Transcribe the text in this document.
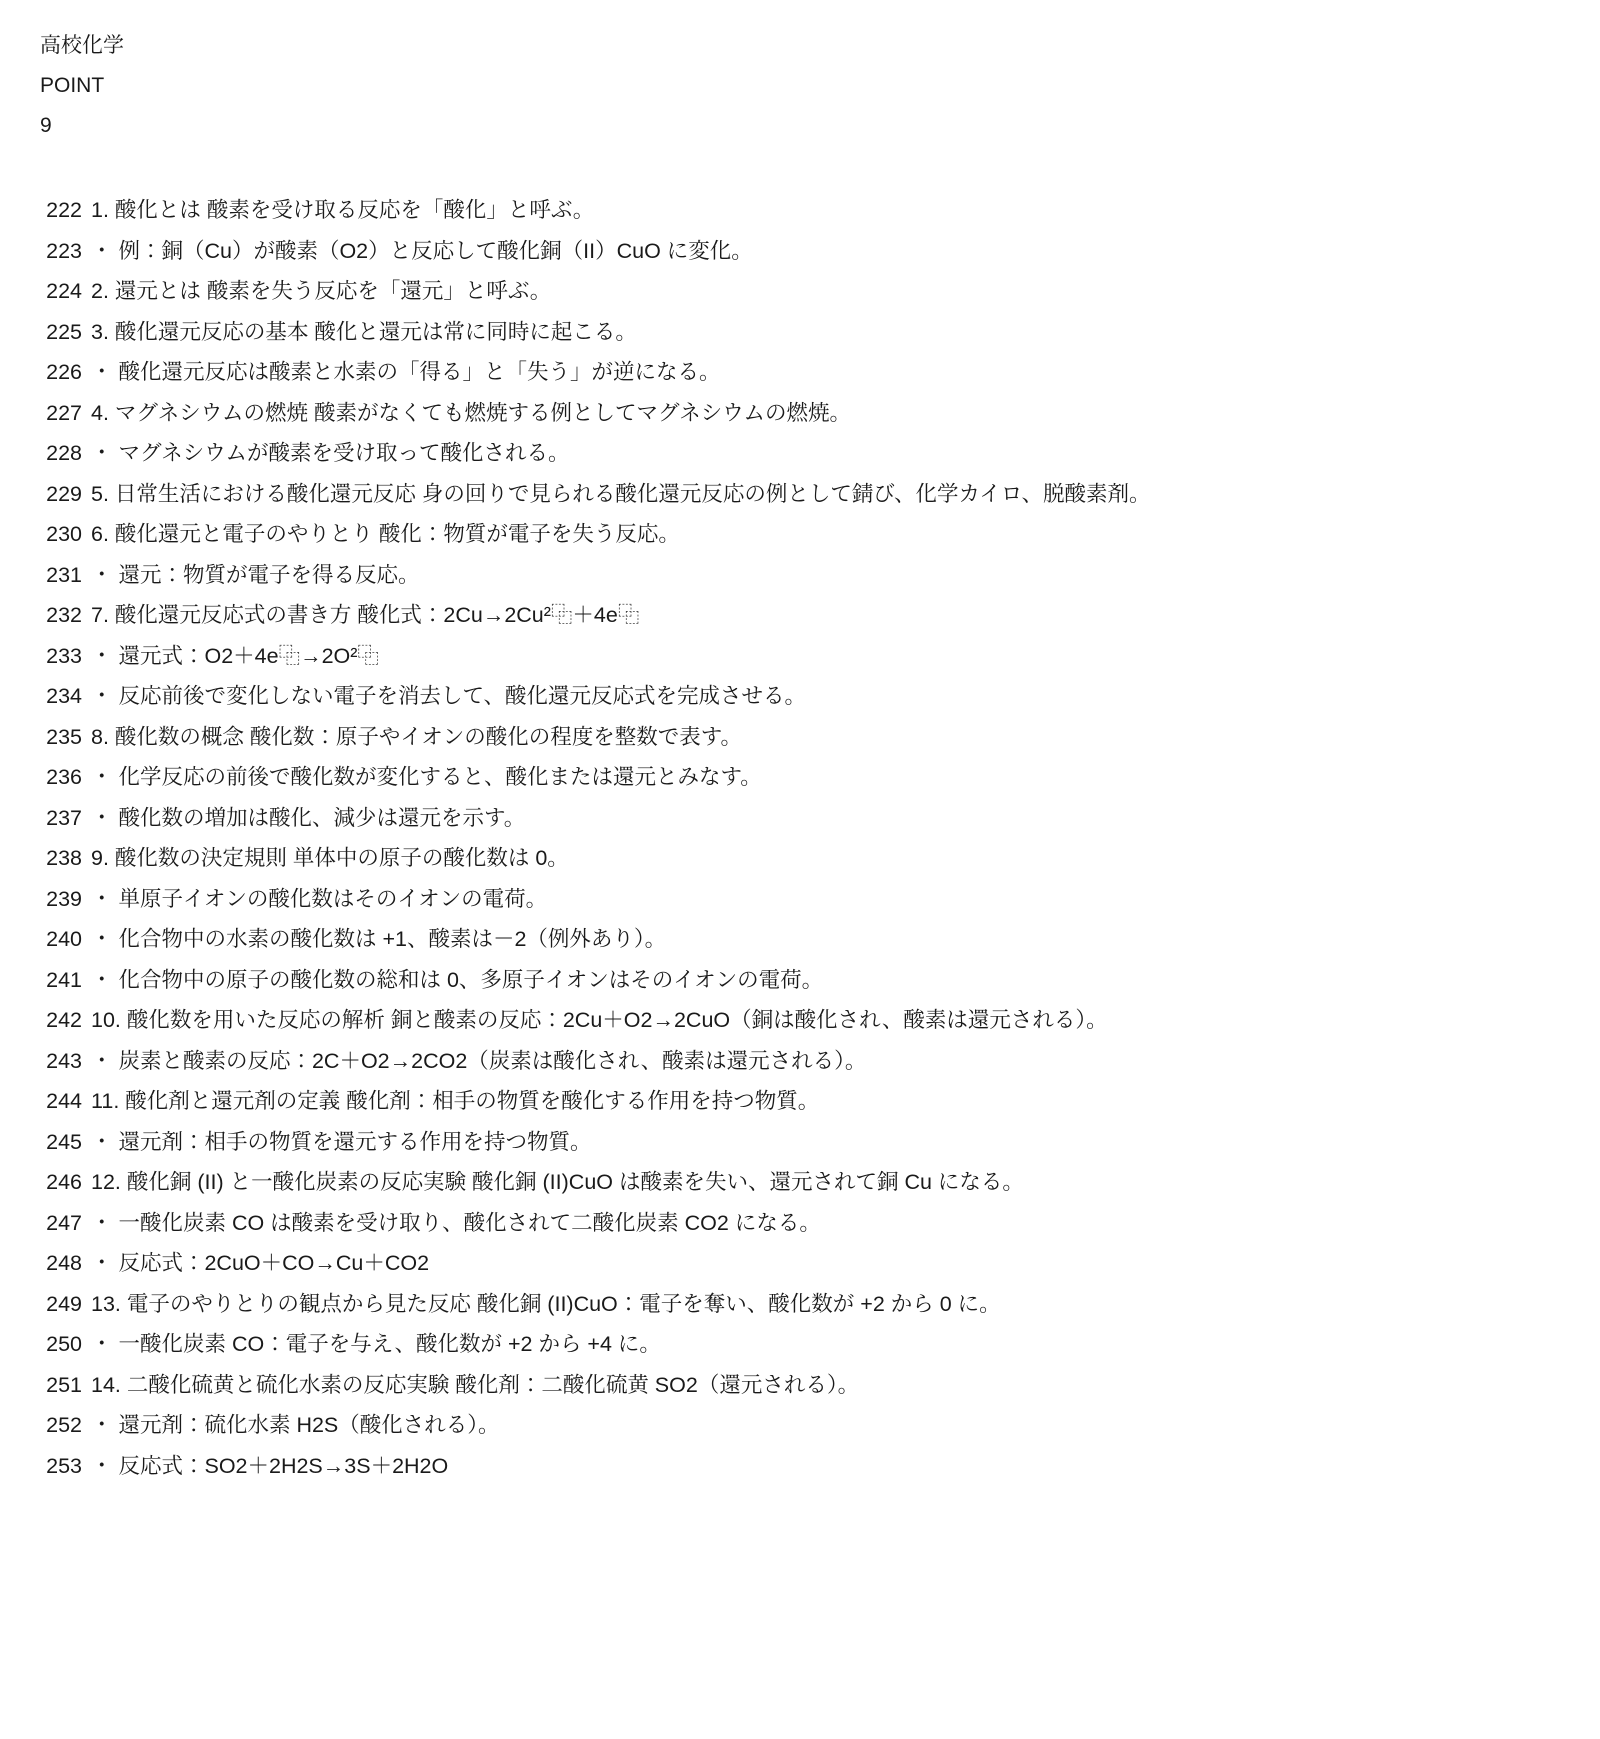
高校化学
POINT
9
222 1. 酸化とは 酸素を受け取る反応を「酸化」と呼ぶ。
223 ・ 例：銅（Cu）が酸素（O2）と反応して酸化銅（II）CuO に変化。
224 2. 還元とは 酸素を失う反応を「還元」と呼ぶ。
225 3. 酸化還元反応の基本 酸化と還元は常に同時に起こる。
226 ・ 酸化還元反応は酸素と水素の「得る」と「失う」が逆になる。
227 4. マグネシウムの燃焼 酸素がなくても燃焼する例としてマグネシウムの燃焼。
228 ・ マグネシウムが酸素を受け取って酸化される。
229 5. 日常生活における酸化還元反応 身の回りで見られる酸化還元反応の例として錆び、化学カイロ、脱酸素剤。
230 6. 酸化還元と電子のやりとり 酸化：物質が電子を失う反応。
231 ・ 還元：物質が電子を得る反応。
232 7. 酸化還元反応式の書き方 酸化式：2Cu→2Cu²⿻＋4e⿻
233 ・ 還元式：O2＋4e⿻→2O²⿻
234 ・ 反応前後で変化しない電子を消去して、酸化還元反応式を完成させる。
235 8. 酸化数の概念 酸化数：原子やイオンの酸化の程度を整数で表す。
236 ・ 化学反応の前後で酸化数が変化すると、酸化または還元とみなす。
237 ・ 酸化数の増加は酸化、減少は還元を示す。
238 9. 酸化数の決定規則 単体中の原子の酸化数は 0。
239 ・ 単原子イオンの酸化数はそのイオンの電荷。
240 ・ 化合物中の水素の酸化数は +1、酸素は－2（例外あり）。
241 ・ 化合物中の原子の酸化数の総和は 0、多原子イオンはそのイオンの電荷。
242 10. 酸化数を用いた反応の解析 銅と酸素の反応：2Cu＋O2→2CuO（銅は酸化され、酸素は還元される）。
243 ・ 炭素と酸素の反応：2C＋O2→2CO2（炭素は酸化され、酸素は還元される）。
244 11. 酸化剤と還元剤の定義 酸化剤：相手の物質を酸化する作用を持つ物質。
245 ・ 還元剤：相手の物質を還元する作用を持つ物質。
246 12. 酸化銅 (II) と一酸化炭素の反応実験 酸化銅 (II)CuO は酸素を失い、還元されて銅 Cu になる。
247 ・ 一酸化炭素 CO は酸素を受け取り、酸化されて二酸化炭素 CO2 になる。
248 ・ 反応式：2CuO＋CO→Cu＋CO2
249 13. 電子のやりとりの観点から見た反応 酸化銅 (II)CuO：電子を奪い、酸化数が +2 から 0 に。
250 ・ 一酸化炭素 CO：電子を与え、酸化数が +2 から +4 に。
251 14. 二酸化硫黄と硫化水素の反応実験 酸化剤：二酸化硫黄 SO2（還元される）。
252 ・ 還元剤：硫化水素 H2S（酸化される）。
253 ・ 反応式：SO2＋2H2S→3S＋2H2O
